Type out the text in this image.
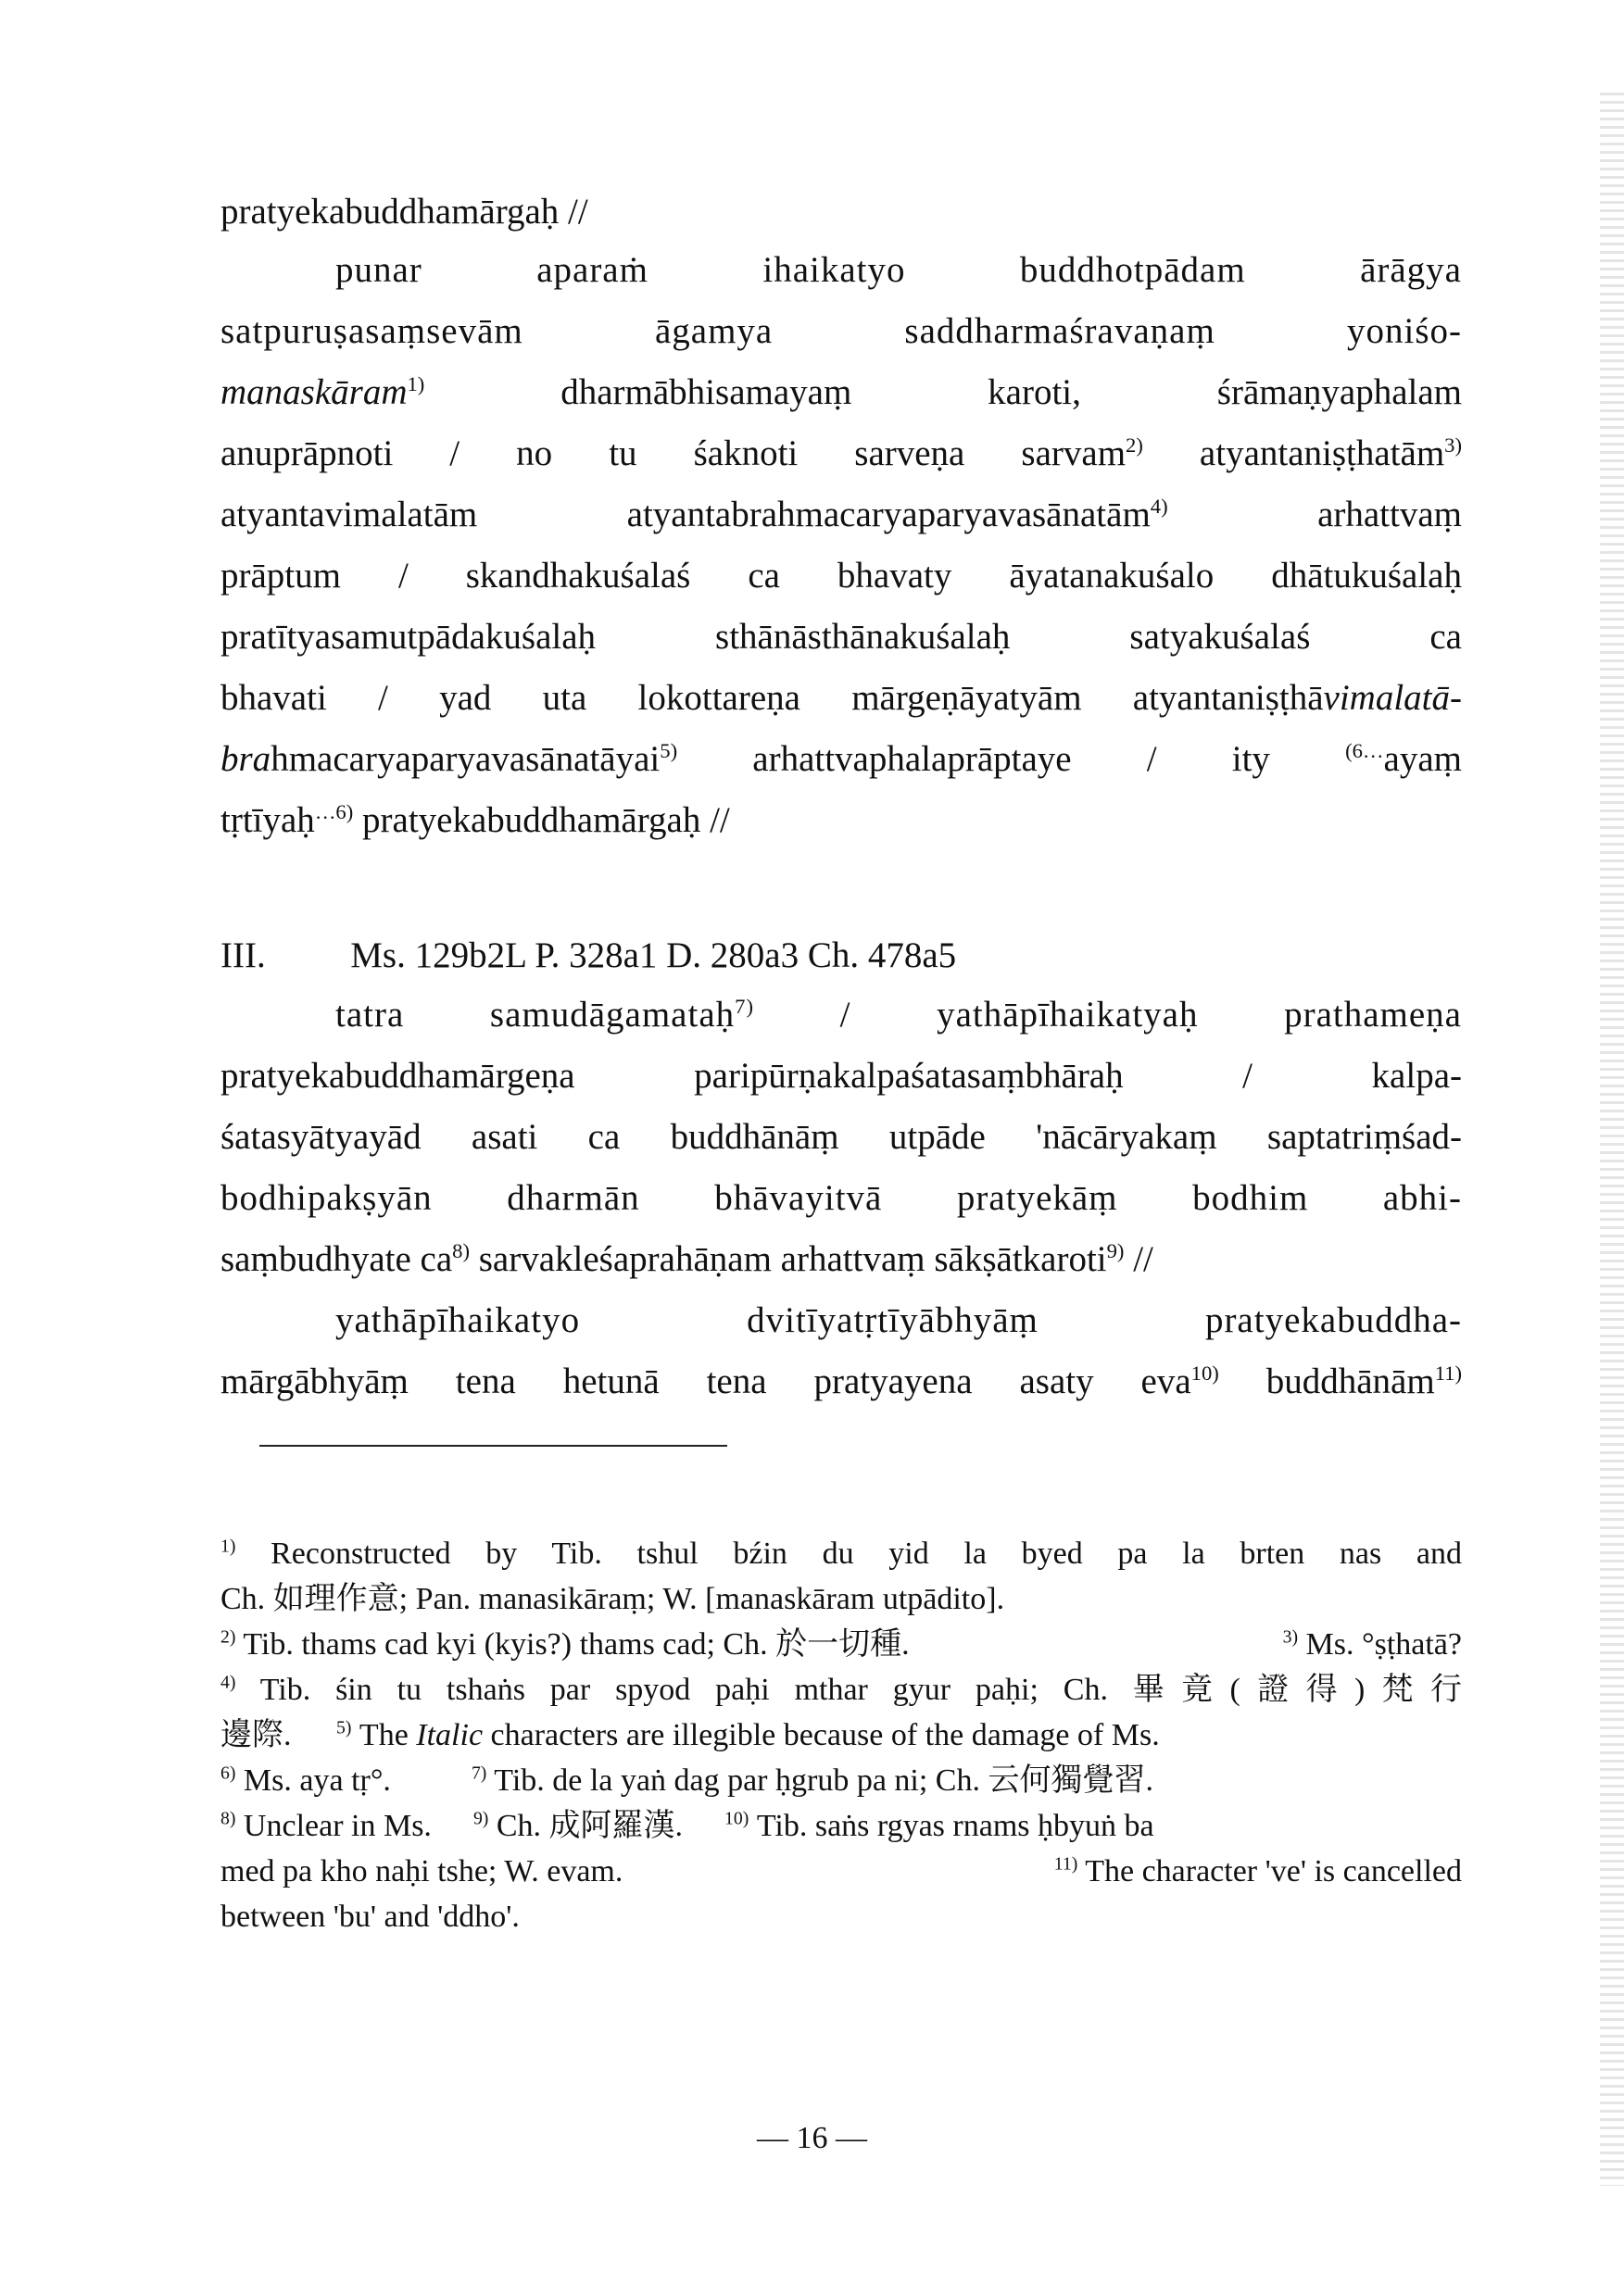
pratyekabuddhamārgaḥ //
punar aparaṁ ihaikatyo buddhotpādam ārāgya
satpuruṣasaṃsevām āgamya saddharmaśravaṇaṃ yoniśo-
manaskāram$^{1)}$	dharmābhisamayaṃ karoti, śrāmaṇyaphalam
anuprāpnoti / no tu śaknoti sarveṇa sarvam$^{2)}$ atyantaniṣṭhatām$^{3)}$
atyantavimalatām atyantabrahmacaryaparyavasānatām$^{4)}$	arhattvaṃ
prāptum / skandhakuśalaś ca bhavaty āyatanakuśalo dhātukuśalaḥ
pratītyasamutpādakuśalaḥ sthānāsthānakuśalaḥ satyakuśalaś ca
bhavati / yad uta lokottareṇa mārgeṇāyatyām atyantaniṣṭhāvimalatā-
brahmacaryaparyavasānatāyai$^{5)}$ arhattvaphalaprāptaye / ity	$^{(6\dots}$ayaṃ
tṛtīyaḥ$^{\dots 6)}$ pratyekabuddhamārgaḥ //
III. Ms. 129b2L P. 328a1 D. 280a3 Ch. 478a5
tatra samudāgamataḥ$^{7)}$ / yathāpīhaikatyaḥ prathameṇa
pratyekabuddhamārgeṇa paripūrṇakalpaśatasaṃbhāraḥ / kalpa-
śatasyātyayād asati ca buddhānāṃ utpāde 'nācāryakaṃ saptatriṃśad-
bodhipakṣyān dharmān bhāvayitvā pratyekāṃ bodhim abhi-
saṃbudhyate $ca^{8)}$ sarvakleśaprahāṇam arhattvaṃ sākṣātkaroti$^{9)}$ //
yathāpīhaikatyo dvitīyatṛtīyābhyāṃ pratyekabuddha-
mārgābhyāṃ tena hetunā tena pratyayena asaty eva$^{10)}$ buddhānām$^{11)}$
$^{1)}$ Reconstructed by Tib. tshul bźin du yid la byed pa la brten nas and
Ch. 如理作意; Pan. manasikāraṃ; W. [manaskāram utpādito].
$^{2)}$ Tib. thams cad kyi (kyis?) thams cad; Ch. 於一切種.	$^{3)}$ Ms. °ṣṭhatā?
$^{4)}$ Tib. śin tu tshaṅs par spyod paḥi mthar gyur paḥi; Ch. 畢竟(證得)梵行
邊際. $^{5)}$ The Italic characters are illegible because of the damage of Ms.
$^{6)}$ Ms. aya tṛ°.	$^{7)}$ Tib. de la yaṅ dag par ḥgrub pa ni; Ch. 云何獨覺習.
$^{8)}$ Unclear in Ms. $^{9)}$ Ch. 成阿羅漢. $^{10)}$ Tib. saṅs rgyas rnams ḥbyuṅ ba
med pa kho naḥi tshe; W. evam.	$^{11)}$ The character 've' is cancelled
between 'bu' and 'ddho'.
— 16 —
